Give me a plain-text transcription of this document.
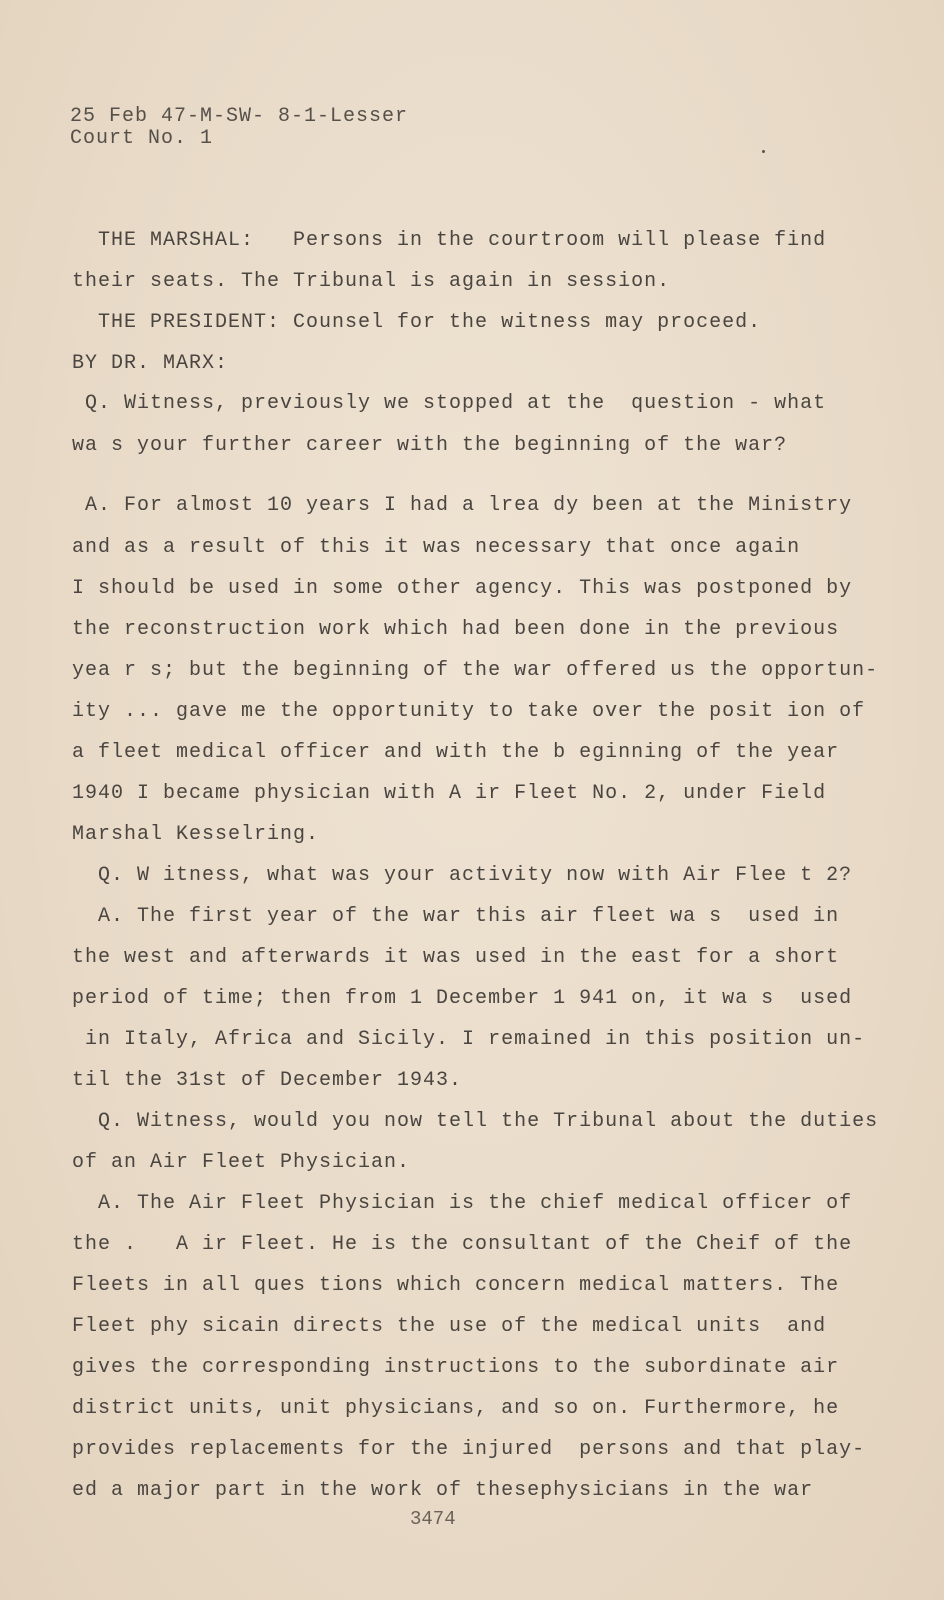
25 Feb 47-M-SW- 8-1-Lesser
Court No. 1
THE MARSHAL:   Persons in the courtroom will please find
their seats. The Tribunal is again in session.
THE PRESIDENT: Counsel for the witness may proceed.
BY DR. MARX:
Q. Witness, previously we stopped at the  question - what
wa s your further career with the beginning of the war?
A. For almost 10 years I had a lrea dy been at the Ministry
and as a result of this it was necessary that once again
I should be used in some other agency. This was postponed by
the reconstruction work which had been done in the previous
yea r s; but the beginning of the war offered us the opportun-
ity ... gave me the opportunity to take over the posit ion of
a fleet medical officer and with the b eginning of the year
1940 I became physician with A ir Fleet No. 2, under Field
Marshal Kesselring.
Q. W itness, what was your activity now with Air Flee t 2?
A. The first year of the war this air fleet wa s  used in
the west and afterwards it was used in the east for a short
period of time; then from 1 December 1 941 on, it wa s  used
in Italy, Africa and Sicily. I remained in this position un-
til the 31st of December 1943.
Q. Witness, would you now tell the Tribunal about the duties
of an Air Fleet Physician.
A. The Air Fleet Physician is the chief medical officer of
the .   A ir Fleet. He is the consultant of the Cheif of the
Fleets in all ques tions which concern medical matters. The
Fleet phy sicain directs the use of the medical units  and
gives the corresponding instructions to the subordinate air
district units, unit physicians, and so on. Furthermore, he
provides replacements for the injured  persons and that play-
ed a major part in the work of thesephysicians in the war
3474
